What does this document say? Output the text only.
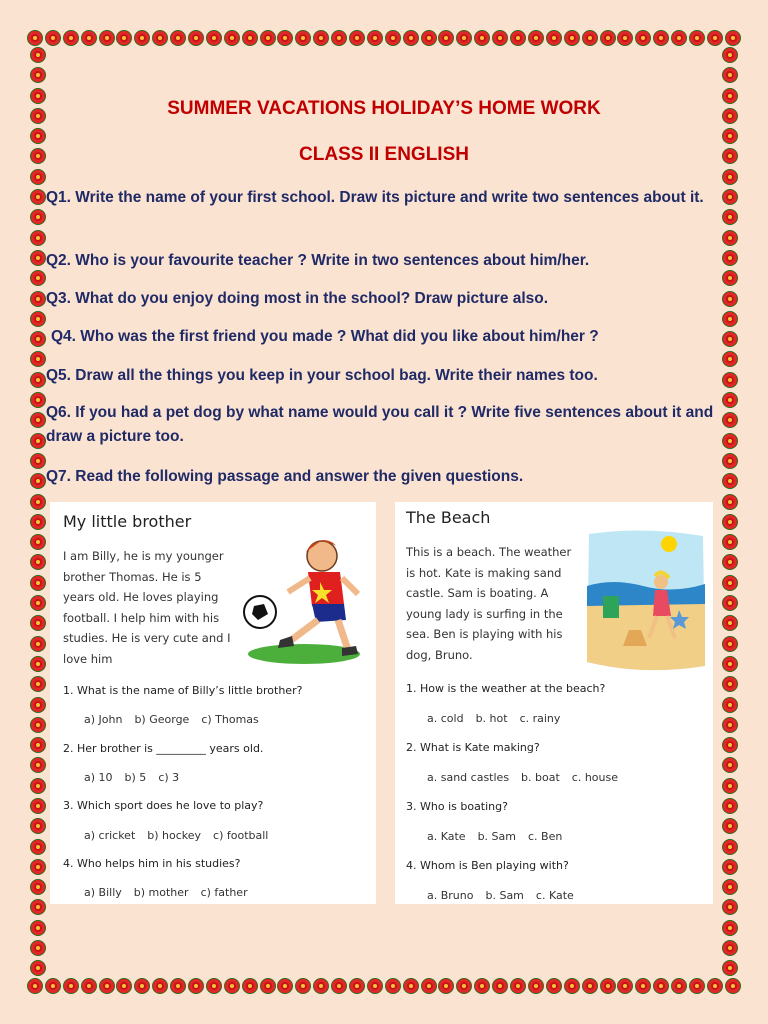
SUMMER VACATIONS HOLIDAY’S HOME WORK
CLASS II ENGLISH
Q1. Write the name of your first school. Draw its picture and write two sentences about it.
Q2. Who is your favourite teacher ? Write in two sentences about him/her.
Q3. What do you enjoy doing most in the school? Draw picture also.
Q4. Who was the first friend you made ? What did you like about him/her ?
Q5. Draw all the things you keep in your school bag. Write their names too.
Q6. If you had a pet dog by what name would you call it ? Write five sentences about it and draw a picture too.
Q7. Read the following passage and answer the given questions.
My little brother
I am Billy, he is my younger brother Thomas. He is 5 years old. He loves playing football. I help him with his studies. He is very cute and I love him
1. What is the name of Billy’s little brother?
a) John b) George c) Thomas
2. Her brother is _________ years old.
a) 10 b) 5 c) 3
3. Which sport does he love to play?
a) cricket b) hockey c) football
4. Who helps him in his studies?
a) Billy b) mother c) father
The Beach
This is a beach. The weather is hot. Kate is making sand castle. Sam is boating. A young lady is surfing in the sea. Ben is playing with his dog, Bruno.
1. How is the weather at the beach?
a. cold b. hot c. rainy
2. What is Kate making?
a. sand castles b. boat c. house
3. Who is boating?
a. Kate b. Sam c. Ben
4. Whom is Ben playing with?
a. Bruno b. Sam c. Kate
